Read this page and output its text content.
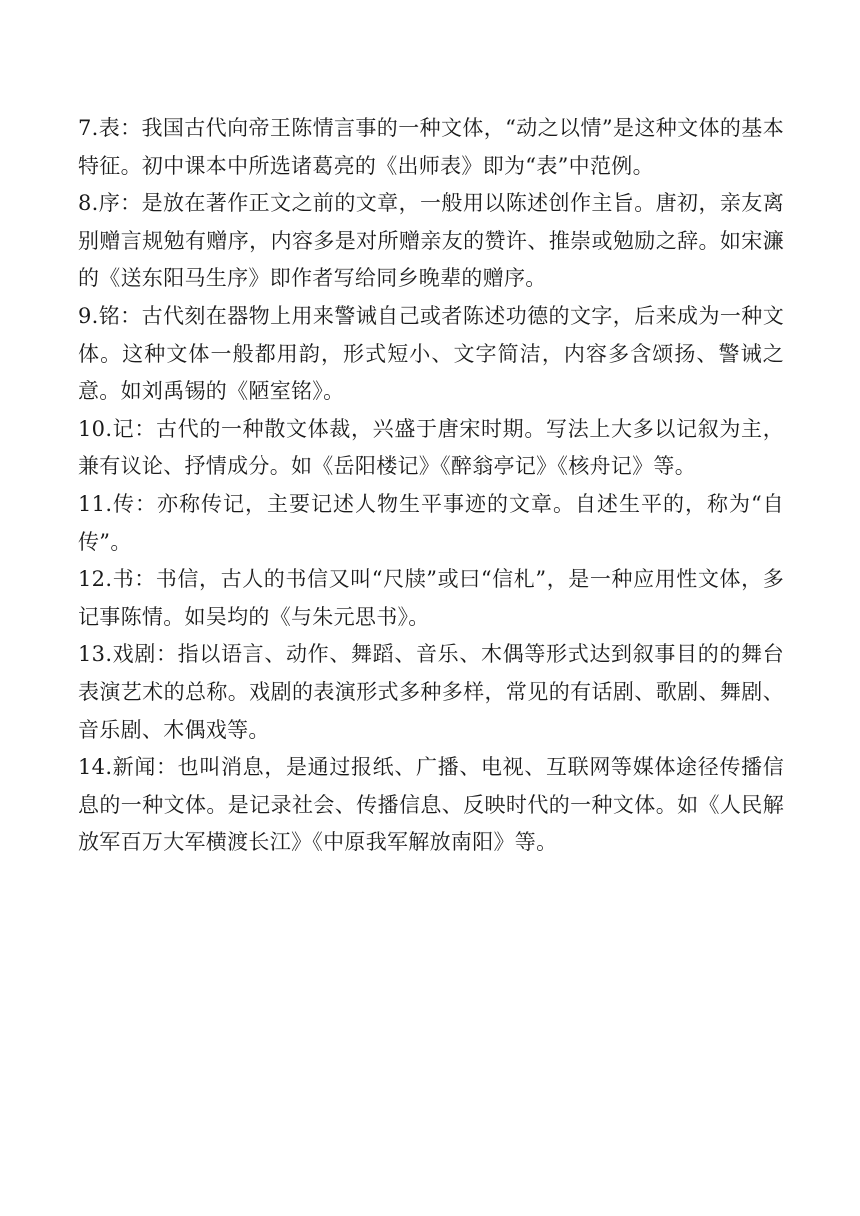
7.表：我国古代向帝王陈情言事的一种文体，“动之以情”是这种文体的基本特征。初中课本中所选诸葛亮的《出师表》即为“表”中范例。

8.序：是放在著作正文之前的文章，一般用以陈述创作主旨。唐初，亲友离别赠言规勉有赠序，内容多是对所赠亲友的赞许、推崇或勉励之辞。如宋濂的《送东阳马生序》即作者写给同乡晚辈的赠序。

9.铭：古代刻在器物上用来警诫自己或者陈述功德的文字，后来成为一种文体。这种文体一般都用韵，形式短小、文字简洁，内容多含颂扬、警诫之意。如刘禹锡的《陋室铭》。

10.记：古代的一种散文体裁，兴盛于唐宋时期。写法上大多以记叙为主，兼有议论、抒情成分。如《岳阳楼记》《醉翁亭记》《核舟记》等。

11.传：亦称传记，主要记述人物生平事迹的文章。自述生平的，称为“自传”。

12.书：书信，古人的书信又叫“尺牍”或曰“信札”，是一种应用性文体，多记事陈情。如吴均的《与朱元思书》。

13.戏剧：指以语言、动作、舞蹈、音乐、木偶等形式达到叙事目的的舞台表演艺术的总称。戏剧的表演形式多种多样，常见的有话剧、歌剧、舞剧、音乐剧、木偶戏等。

14.新闻：也叫消息，是通过报纸、广播、电视、互联网等媒体途径传播信息的一种文体。是记录社会、传播信息、反映时代的一种文体。如《人民解放军百万大军横渡长江》《中原我军解放南阳》等。
